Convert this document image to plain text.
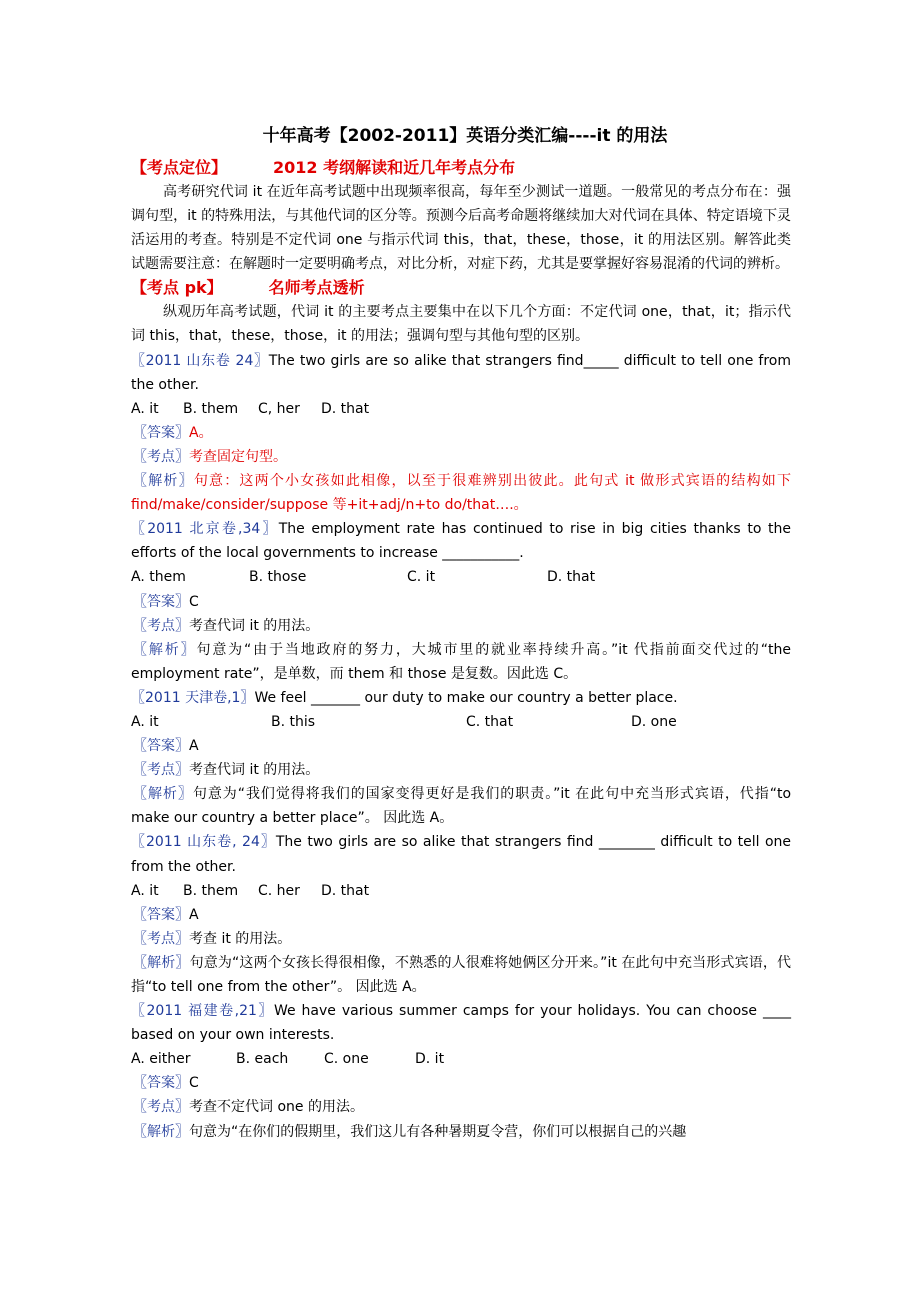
十年高考【2002-2011】英语分类汇编----it 的用法

【考点定位】	2012 考纲解读和近几年考点分布

高考研究代词 it 在近年高考试题中出现频率很高，每年至少测试一道题。一般常见的考点分布在：强调句型，it 的特殊用法，与其他代词的区分等。预测今后高考命题将继续加大对代词在具体、特定语境下灵活运用的考查。特别是不定代词 one 与指示代词 this，that，these，those，it 的用法区别。解答此类试题需要注意：在解题时一定要明确考点，对比分析，对症下药，尤其是要掌握好容易混淆的代词的辨析。

【考点 pk】	名师考点透析

纵观历年高考试题，代词 it 的主要考点主要集中在以下几个方面：不定代词 one，that，it；指示代词 this，that，these，those，it 的用法；强调句型与其他句型的区别。

〖2011 山东卷 24〗The two girls are so alike that strangers find_____ difficult to tell one from the other.

A. it	B. them	C, her	D. that

〖答案〗A。

〖考点〗考查固定句型。

〖解析〗句意：这两个小女孩如此相像，以至于很难辨别出彼此。此句式 it 做形式宾语的结构如下 find/make/consider/suppose 等+it+adj/n+to do/that….。

〖2011 北京卷,34〗The employment rate has continued to rise in big cities thanks to the efforts of the local governments to increase ___________.

A. them	B. those	C. it	D. that

〖答案〗C

〖考点〗考查代词 it 的用法。

〖解析〗句意为“由于当地政府的努力，大城市里的就业率持续升高。”it 代指前面交代过的“the employment rate”，是单数，而 them 和 those 是复数。因此选 C。

〖2011 天津卷,1〗We feel _______ our duty to make our country a better place.

A. it	B. this	C. that	D. one

〖答案〗A

〖考点〗考查代词 it 的用法。

〖解析〗句意为“我们觉得将我们的国家变得更好是我们的职责。”it 在此句中充当形式宾语，代指“to make our country a better place”。 因此选 A。

〖2011 山东卷, 24〗The two girls are so alike that strangers find ________ difficult to tell one from the other.

A. it	B. them	C. her	D. that

〖答案〗A

〖考点〗考查 it 的用法。

〖解析〗句意为“这两个女孩长得很相像，不熟悉的人很难将她俩区分开来。”it 在此句中充当形式宾语，代指“to tell one from the other”。 因此选 A。

〖2011 福建卷,21〗We have various summer camps for your holidays. You can choose ____ based on your own interests.

A. either	B. each	C. one	D. it

〖答案〗C

〖考点〗考查不定代词 one 的用法。

〖解析〗句意为“在你们的假期里，我们这儿有各种暑期夏令营，你们可以根据自己的兴趣
